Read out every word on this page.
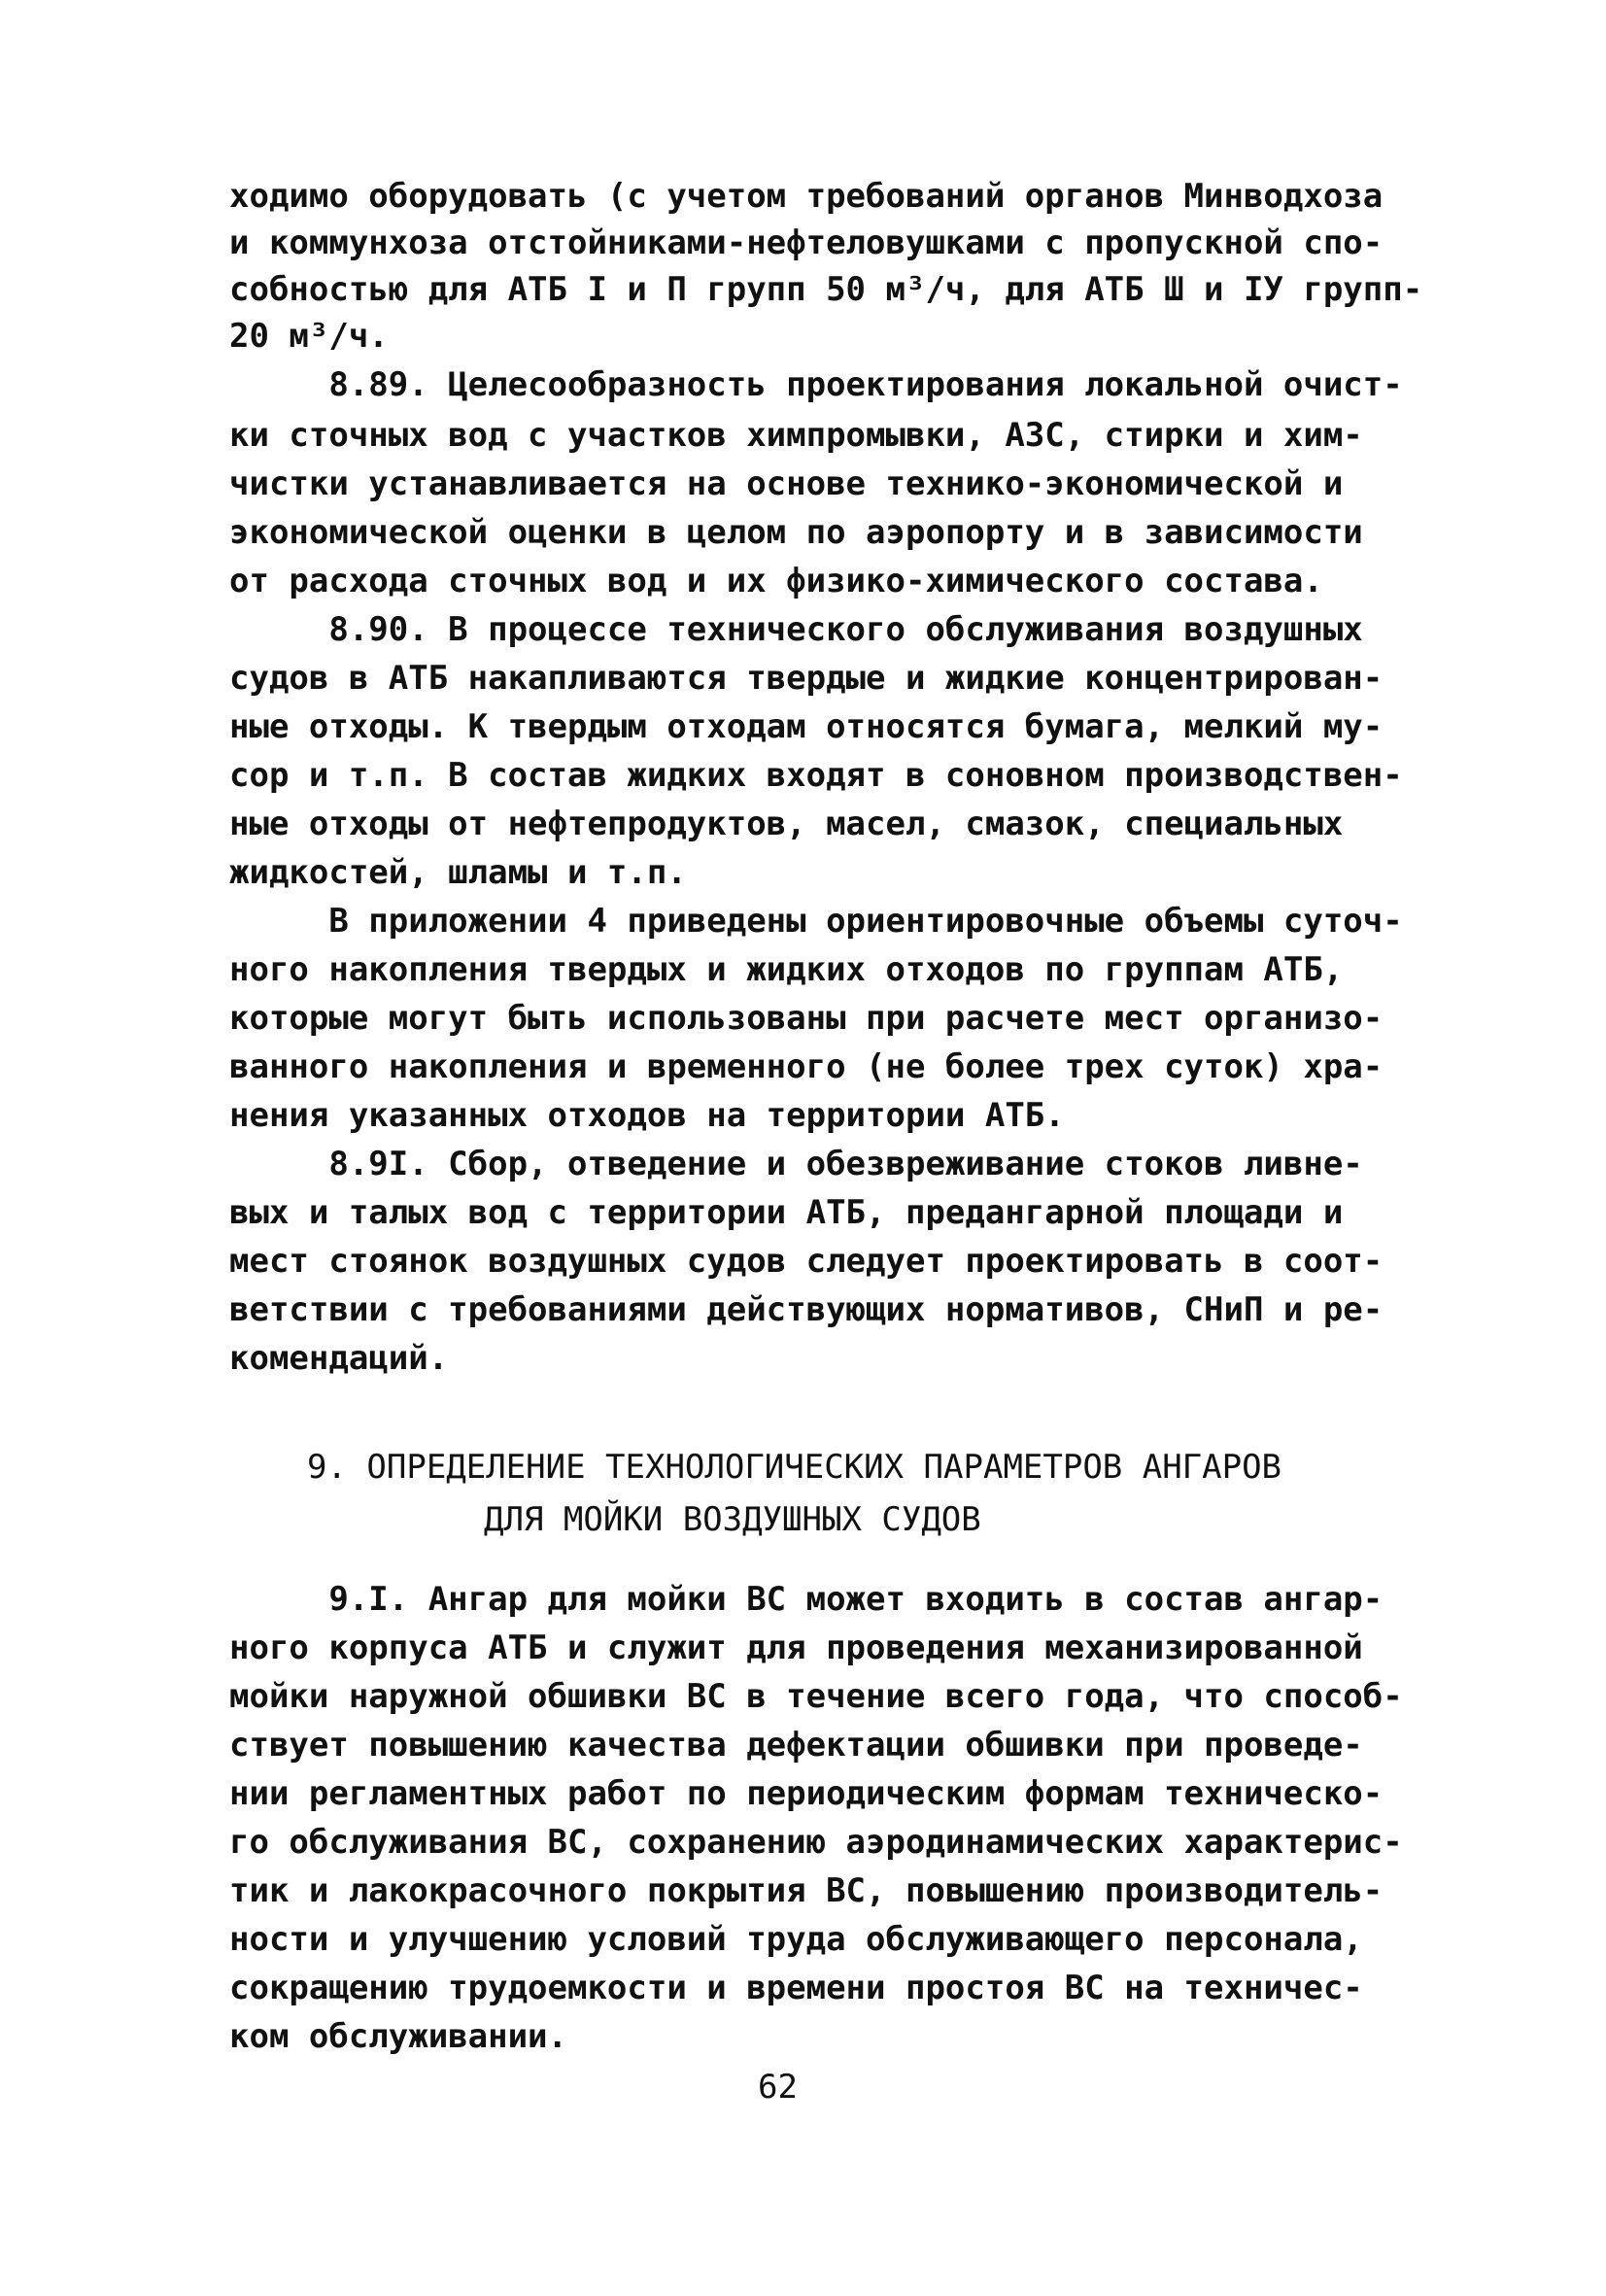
ходимо оборудовать (с учетом требований органов Минводхоза
и коммунхоза отстойниками-нефтеловушками с пропускной спо-
собностью для АТБ I и П групп 50 м³/ч, для АТБ Ш и IУ групп-
20 м³/ч.
8.89. Целесообразность проектирования локальной очист-
ки сточных вод с участков химпромывки, АЗС, стирки и хим-
чистки устанавливается на основе технико-экономической и
экономической оценки в целом по аэропорту и в зависимости
от расхода сточных вод и их физико-химического состава.
8.90. В процессе технического обслуживания воздушных
судов в АТБ накапливаются твердые и жидкие концентрирован-
ные отходы. К твердым отходам относятся бумага, мелкий му-
сор и т.п. В состав жидких входят в соновном производствен-
ные отходы от нефтепродуктов, масел, смазок, специальных
жидкостей, шламы и т.п.
В приложении 4 приведены ориентировочные объемы суточ-
ного накопления твердых и жидких отходов по группам АТБ,
которые могут быть использованы при расчете мест организо-
ванного накопления и временного (не более трех суток) хра-
нения указанных отходов на территории АТБ.
8.9I. Сбор, отведение и обезвреживание стоков ливне-
вых и талых вод с территории АТБ, предангарной площади и
мест стоянок воздушных судов следует проектировать в соот-
ветствии с требованиями действующих нормативов, СНиП и ре-
комендаций.
9. ОПРЕДЕЛЕНИЕ ТЕХНОЛОГИЧЕСКИХ ПАРАМЕТРОВ АНГАРОВ
ДЛЯ МОЙКИ ВОЗДУШНЫХ СУДОВ
9.I. Ангар для мойки ВС может входить в состав ангар-
ного корпуса АТБ и служит для проведения механизированной
мойки наружной обшивки ВС в течение всего года, что способ-
ствует повышению качества дефектации обшивки при проведе-
нии регламентных работ по периодическим формам техническо-
го обслуживания ВС, сохранению аэродинамических характерис-
тик и лакокрасочного покрытия ВС, повышению производитель-
ности и улучшению условий труда обслуживающего персонала,
сокращению трудоемкости и времени простоя ВС на техничес-
ком обслуживании.
62
